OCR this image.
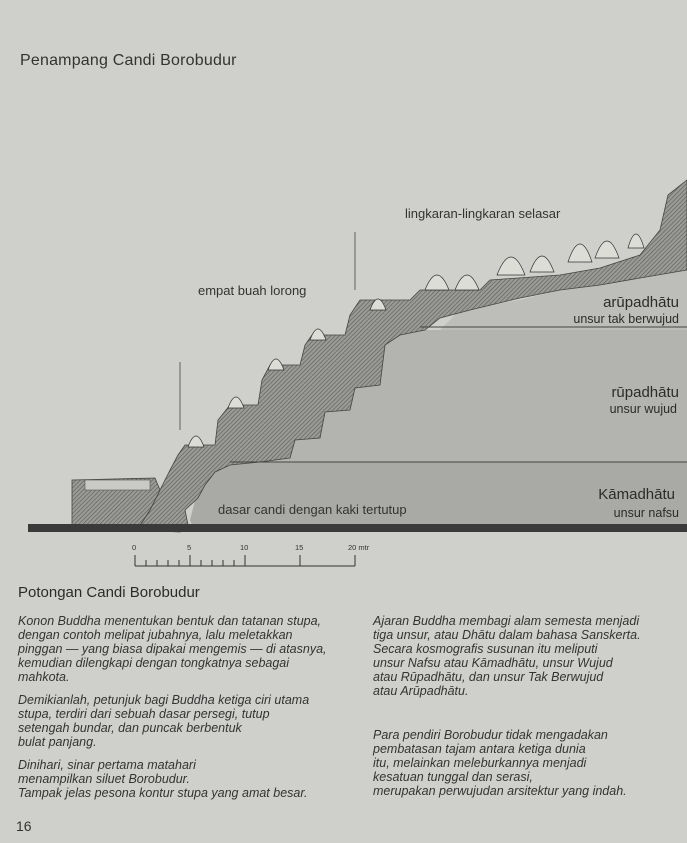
Penampang Candi Borobudur
lingkaran-lingkaran selasar
empat buah lorong
dasar candi dengan kaki tertutup
arūpadhātu
unsur tak berwujud
rūpadhātu
unsur wujud
Kāmadhātu
unsur nafsu
0	5	10	15	20 mtr
Potongan Candi Borobudur

Konon Buddha menentukan bentuk dan tatanan stupa,
dengan contoh melipat jubahnya, lalu meletakkan
pinggan — yang biasa dipakai mengemis — di atasnya,
kemudian dilengkapi dengan tongkatnya sebagai
mahkota.

Demikianlah, petunjuk bagi Buddha ketiga ciri utama
stupa, terdiri dari sebuah dasar persegi, tutup
setengah bundar, dan puncak berbentuk
bulat panjang.

Dinihari, sinar pertama matahari
menampilkan siluet Borobudur.
Tampak jelas pesona kontur stupa yang amat besar.

Ajaran Buddha membagi alam semesta menjadi
tiga unsur, atau Dhātu dalam bahasa Sanskerta.
Secara kosmografis susunan itu meliputi
unsur Nafsu atau Kāmadhātu, unsur Wujud
atau Rūpadhātu, dan unsur Tak Berwujud
atau Arūpadhātu.

Para pendiri Borobudur tidak mengadakan
pembatasan tajam antara ketiga dunia
itu, melainkan meleburkannya menjadi
kesatuan tunggal dan serasi,
merupakan perwujudan arsitektur yang indah.

16
